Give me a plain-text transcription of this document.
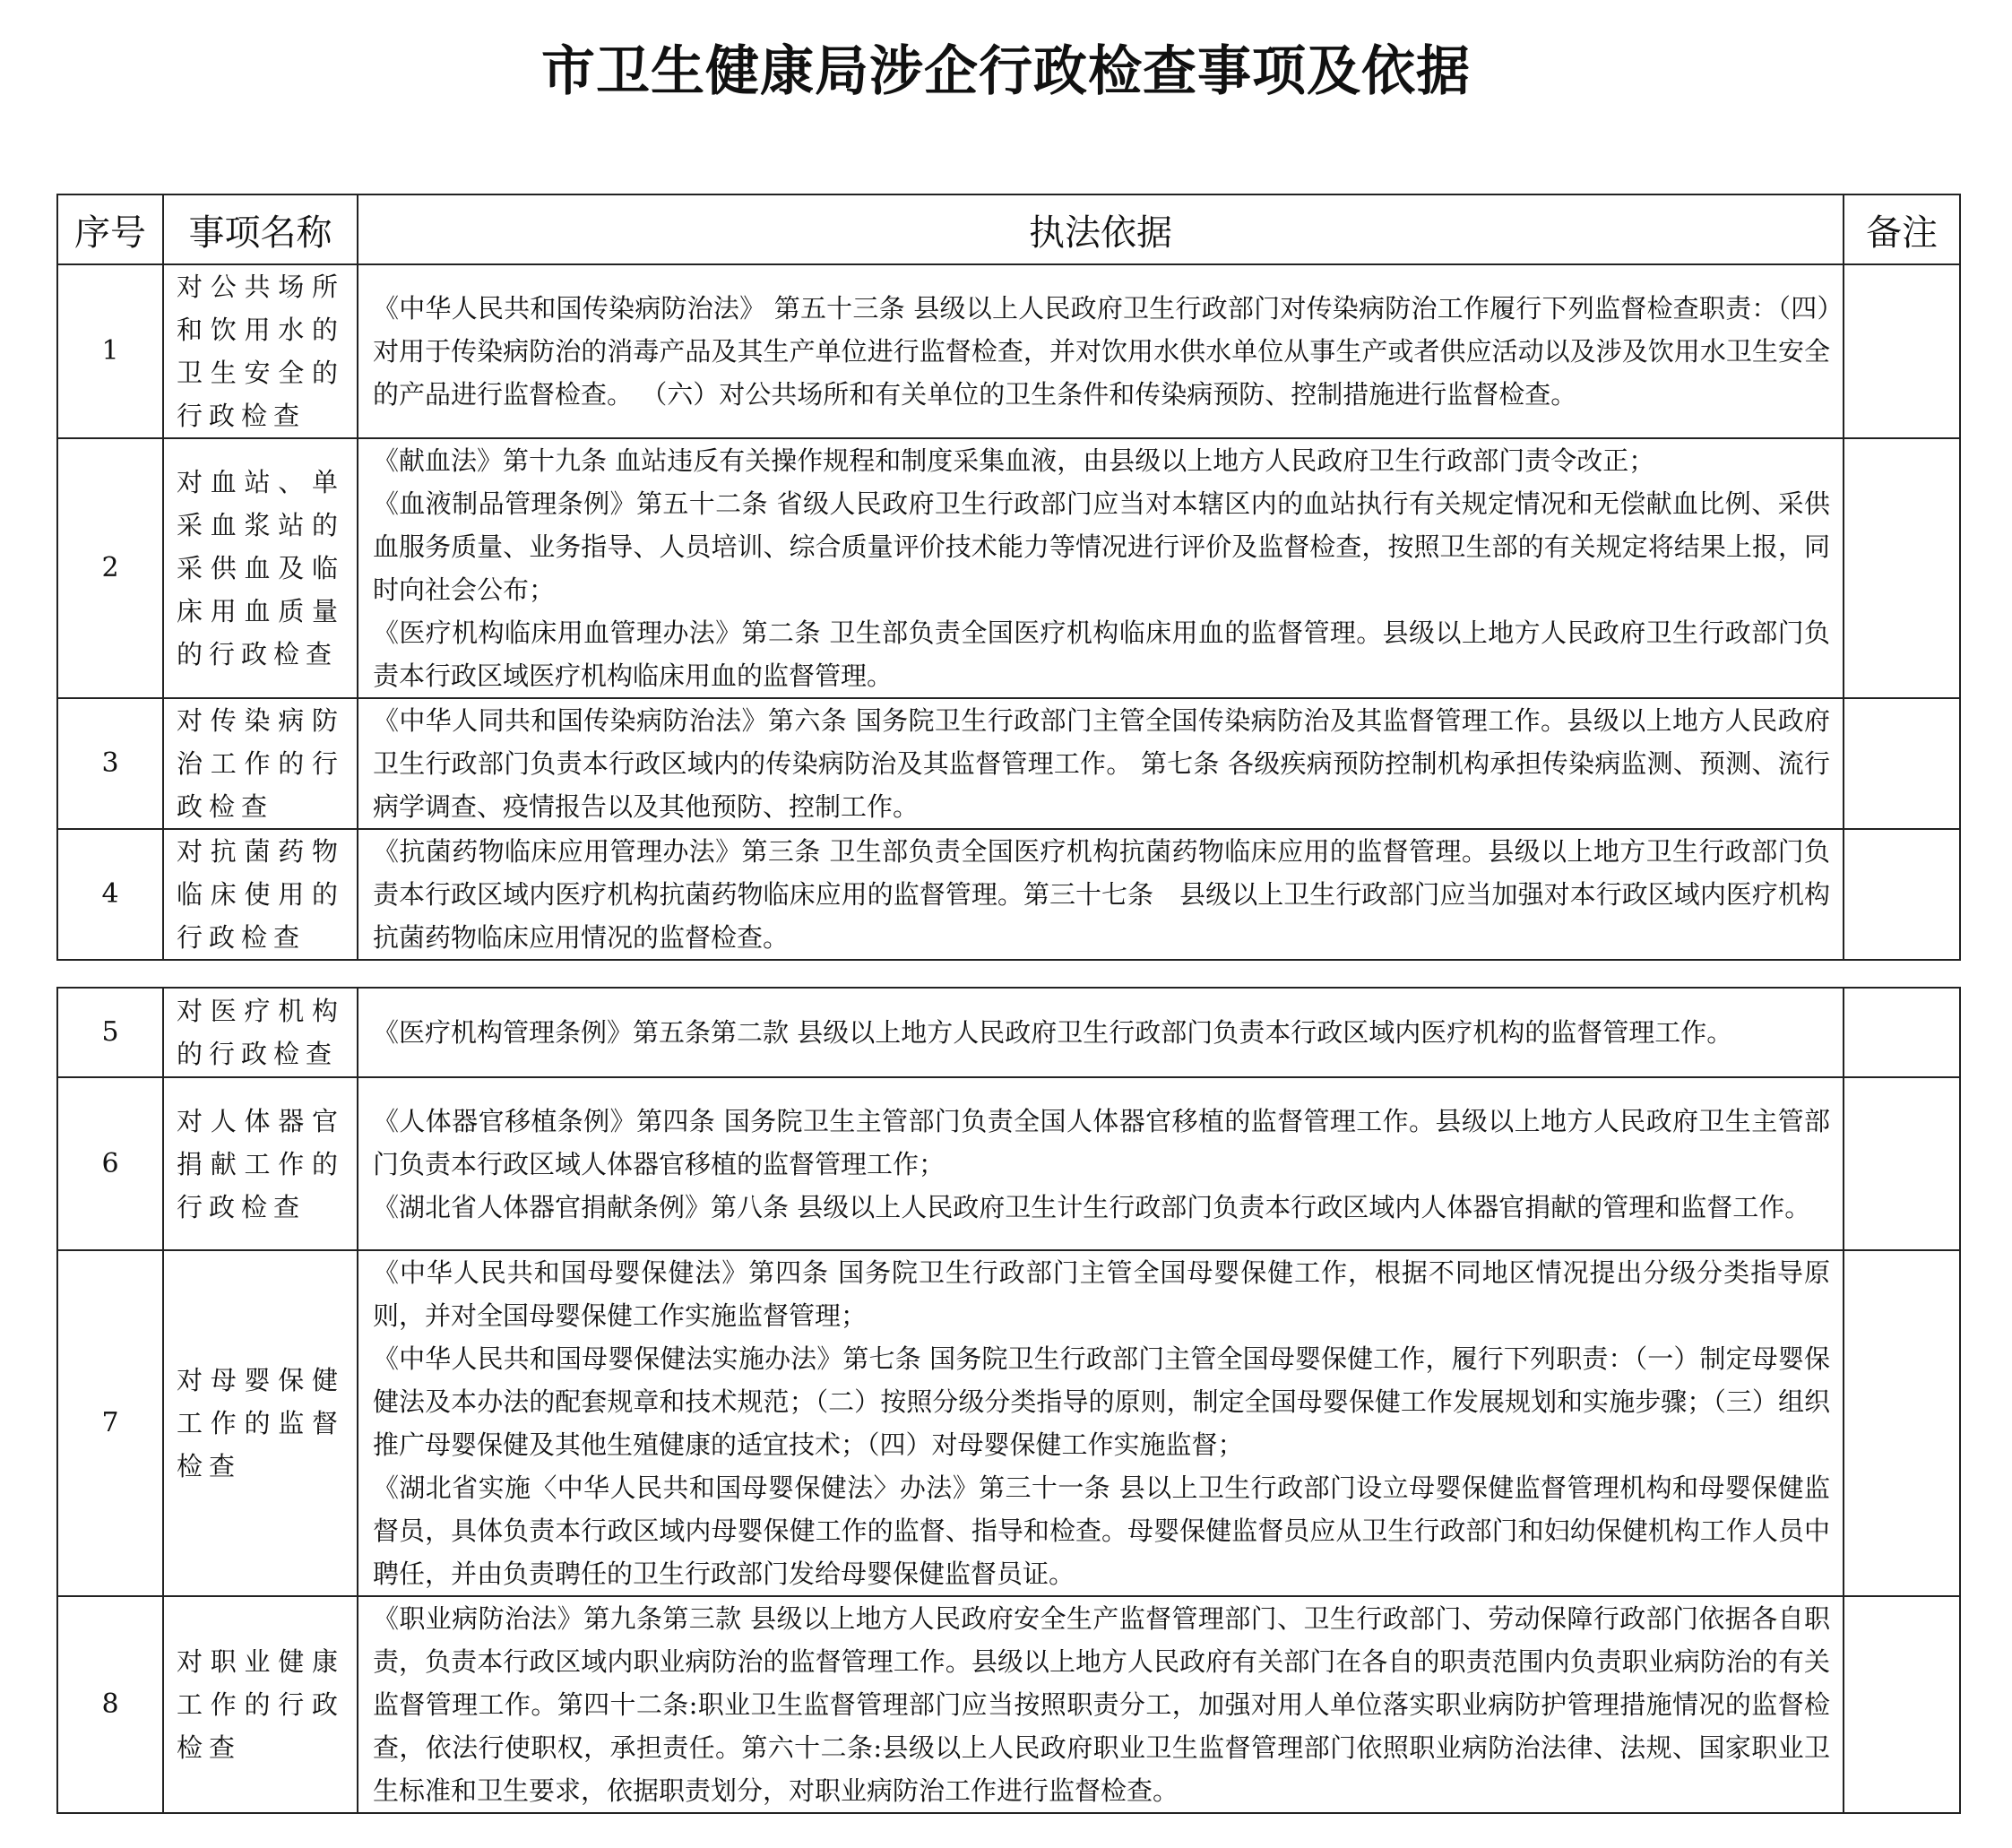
市卫生健康局涉企行政检查事项及依据
序号	事项名称	执法依据	备注
1	对公共场所和饮用水的卫生安全的行政检查	《中华人民共和国传染病防治法》 第五十三条 县级以上人民政府卫生行政部门对传染病防治工作履行下列监督检查职责：（四）对用于传染病防治的消毒产品及其生产单位进行监督检查，并对饮用水供水单位从事生产或者供应活动以及涉及饮用水卫生安全的产品进行监督检查。 （六）对公共场所和有关单位的卫生条件和传染病预防、控制措施进行监督检查。	

2	对血站、单采血浆站的采供血及临床用血质量的行政检查	《献血法》第十九条 血站违反有关操作规程和制度采集血液，由县级以上地方人民政府卫生行政部门责令改正；
《血液制品管理条例》第五十二条 省级人民政府卫生行政部门应当对本辖区内的血站执行有关规定情况和无偿献血比例、采供血服务质量、业务指导、人员培训、综合质量评价技术能力等情况进行评价及监督检查，按照卫生部的有关规定将结果上报，同时向社会公布；
《医疗机构临床用血管理办法》第二条 卫生部负责全国医疗机构临床用血的监督管理。县级以上地方人民政府卫生行政部门负责本行政区域医疗机构临床用血的监督管理。	

3	对传染病防治工作的行政检查	《中华人同共和国传染病防治法》第六条 国务院卫生行政部门主管全国传染病防治及其监督管理工作。县级以上地方人民政府卫生行政部门负责本行政区域内的传染病防治及其监督管理工作。 第七条 各级疾病预防控制机构承担传染病监测、预测、流行病学调查、疫情报告以及其他预防、控制工作。	

4	对抗菌药物临床使用的行政检查	《抗菌药物临床应用管理办法》第三条 卫生部负责全国医疗机构抗菌药物临床应用的监督管理。县级以上地方卫生行政部门负责本行政区域内医疗机构抗菌药物临床应用的监督管理。第三十七条　县级以上卫生行政部门应当加强对本行政区域内医疗机构抗菌药物临床应用情况的监督检查。	

5	对医疗机构的行政检查	《医疗机构管理条例》第五条第二款 县级以上地方人民政府卫生行政部门负责本行政区域内医疗机构的监督管理工作。	

6	对人体器官捐献工作的行政检查	《人体器官移植条例》第四条 国务院卫生主管部门负责全国人体器官移植的监督管理工作。县级以上地方人民政府卫生主管部门负责本行政区域人体器官移植的监督管理工作；
《湖北省人体器官捐献条例》第八条 县级以上人民政府卫生计生行政部门负责本行政区域内人体器官捐献的管理和监督工作。	

7	对母婴保健工作的监督检查	《中华人民共和国母婴保健法》第四条 国务院卫生行政部门主管全国母婴保健工作，根据不同地区情况提出分级分类指导原则，并对全国母婴保健工作实施监督管理；
《中华人民共和国母婴保健法实施办法》第七条 国务院卫生行政部门主管全国母婴保健工作，履行下列职责：（一）制定母婴保健法及本办法的配套规章和技术规范；（二）按照分级分类指导的原则，制定全国母婴保健工作发展规划和实施步骤；（三）组织推广母婴保健及其他生殖健康的适宜技术；（四）对母婴保健工作实施监督；
《湖北省实施〈中华人民共和国母婴保健法〉办法》第三十一条 县以上卫生行政部门设立母婴保健监督管理机构和母婴保健监督员，具体负责本行政区域内母婴保健工作的监督、指导和检查。母婴保健监督员应从卫生行政部门和妇幼保健机构工作人员中聘任，并由负责聘任的卫生行政部门发给母婴保健监督员证。	

8	对职业健康工作的行政检查	《职业病防治法》第九条第三款 县级以上地方人民政府安全生产监督管理部门、卫生行政部门、劳动保障行政部门依据各自职责，负责本行政区域内职业病防治的监督管理工作。县级以上地方人民政府有关部门在各自的职责范围内负责职业病防治的有关监督管理工作。第四十二条:职业卫生监督管理部门应当按照职责分工，加强对用人单位落实职业病防护管理措施情况的监督检查，依法行使职权，承担责任。第六十二条:县级以上人民政府职业卫生监督管理部门依照职业病防治法律、法规、国家职业卫生标准和卫生要求，依据职责划分，对职业病防治工作进行监督检查。	
